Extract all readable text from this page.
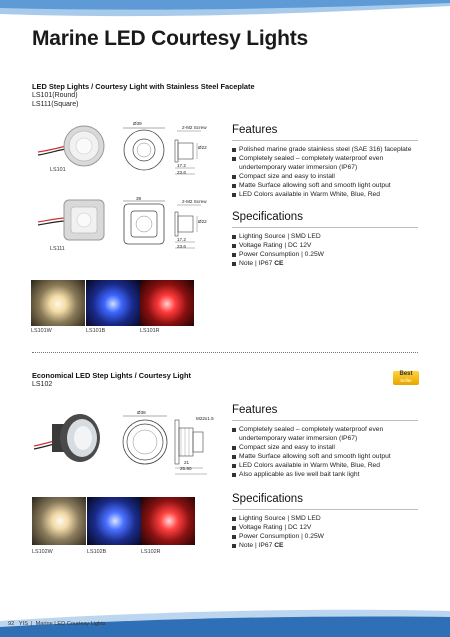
Marine LED Courtesy Lights
LED Step Lights / Courtesy Light with Stainless Steel Faceplate
LS101(Round)
LS111(Square)
LS101
Ø39
2-M2 Screw
Ø22
17.2
23.6
LS111
39
2-M2 Screw
Ø22
17.2
23.6
Features
Polished marine grade stainless steel (SAE 316) faceplate
Completely sealed – completely waterproof even undertemporary water immersion (IP67)
Compact size and easy to install
Matte Surface allowing soft and smooth light output
LED Colors available in Warm White, Blue, Red
Specifications
Lighting Source | SMD LED
Voltage Rating | DC 12V
Power Consumption | 0.25W
Note | IP67 CE
LS101W	LS101B	LS101R
Economical LED Step Lights / Courtesy Light
LS102
Best
Seller
Ø38
M22x1.5
21
25.90
Features
Completely sealed – completely waterproof even undertemporary water immersion (IP67)
Compact size and easy to install
Matte Surface allowing soft and smooth light output
LED Colors available in Warm White, Blue, Red
Also applicable as live well bait tank light
Specifications
Lighting Source | SMD LED
Voltage Rating | DC 12V
Power Consumption | 0.25W
Note | IP67 CE
LS102W	LS102B	LS102R
92 YIS | Marine LED Courtesy Lights
